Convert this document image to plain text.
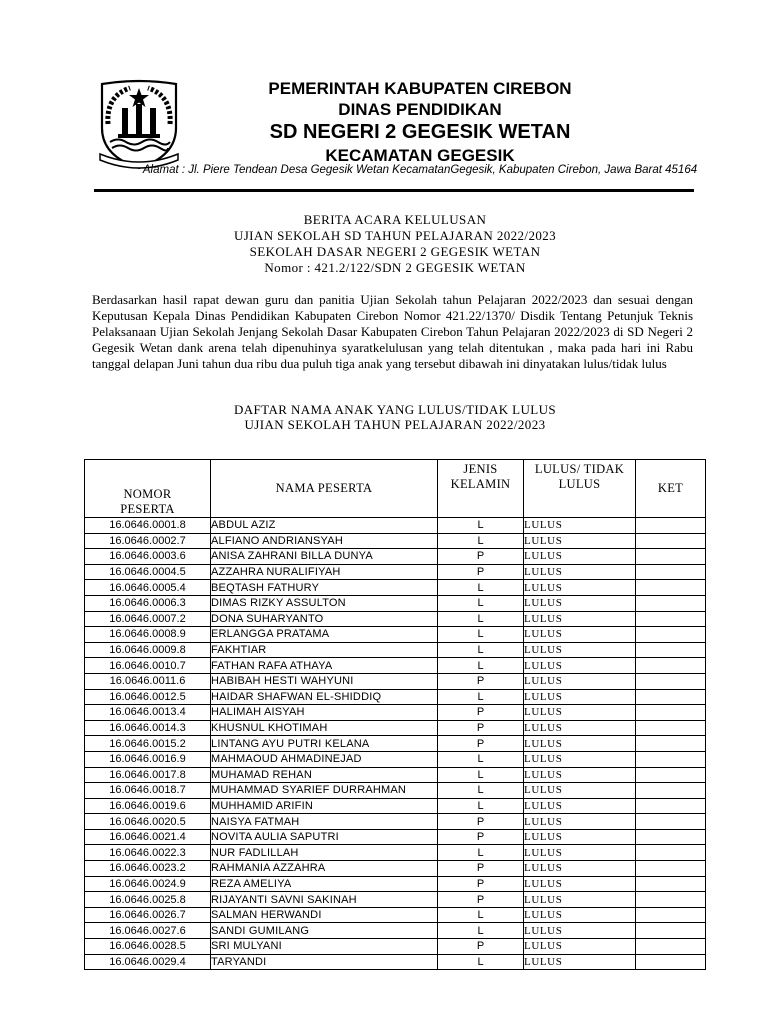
PEMERINTAH KABUPATEN CIREBON
DINAS PENDIDIKAN
SD NEGERI 2 GEGESIK WETAN
KECAMATAN GEGESIK
Alamat : Jl. Piere Tendean Desa Gegesik Wetan KecamatanGegesik, Kabupaten Cirebon, Jawa Barat 45164
BERITA ACARA KELULUSAN
UJIAN SEKOLAH SD TAHUN PELAJARAN 2022/2023
SEKOLAH DASAR NEGERI 2 GEGESIK WETAN
Nomor : 421.2/122/SDN 2 GEGESIK WETAN
Berdasarkan hasil rapat dewan guru dan panitia Ujian Sekolah tahun Pelajaran 2022/2023 dan sesuai dengan Keputusan Kepala Dinas Pendidikan Kabupaten Cirebon Nomor 421.22/1370/ Disdik Tentang Petunjuk Teknis Pelaksanaan Ujian Sekolah Jenjang Sekolah Dasar Kabupaten Cirebon Tahun Pelajaran 2022/2023 di SD Negeri 2 Gegesik Wetan dank arena telah dipenuhinya syaratkelulusan yang telah ditentukan , maka pada hari ini Rabu tanggal delapan Juni tahun dua ribu dua puluh tiga anak yang tersebut dibawah ini dinyatakan lulus/tidak lulus
DAFTAR NAMA ANAK YANG LULUS/TIDAK LULUS
UJIAN SEKOLAH TAHUN PELAJARAN 2022/2023
NOMOR PESERTA	NAMA PESERTA	JENIS KELAMIN	LULUS/ TIDAK LULUS	KET
16.0646.0001.8	ABDUL AZIZ	L	LULUS	
16.0646.0002.7	ALFIANO ANDRIANSYAH	L	LULUS	
16.0646.0003.6	ANISA ZAHRANI BILLA DUNYA	P	LULUS	
16.0646.0004.5	AZZAHRA NURALIFIYAH	P	LULUS	
16.0646.0005.4	BEQTASH FATHURY	L	LULUS	
16.0646.0006.3	DIMAS RIZKY ASSULTON	L	LULUS	
16.0646.0007.2	DONA SUHARYANTO	L	LULUS	
16.0646.0008.9	ERLANGGA PRATAMA	L	LULUS	
16.0646.0009.8	FAKHTIAR	L	LULUS	
16.0646.0010.7	FATHAN RAFA ATHAYA	L	LULUS	
16.0646.0011.6	HABIBAH HESTI WAHYUNI	P	LULUS	
16.0646.0012.5	HAIDAR SHAFWAN EL-SHIDDIQ	L	LULUS	
16.0646.0013.4	HALIMAH AISYAH	P	LULUS	
16.0646.0014.3	KHUSNUL KHOTIMAH	P	LULUS	
16.0646.0015.2	LINTANG AYU PUTRI KELANA	P	LULUS	
16.0646.0016.9	MAHMAOUD AHMADINEJAD	L	LULUS	
16.0646.0017.8	MUHAMAD REHAN	L	LULUS	
16.0646.0018.7	MUHAMMAD SYARIEF DURRAHMAN	L	LULUS	
16.0646.0019.6	MUHHAMID ARIFIN	L	LULUS	
16.0646.0020.5	NAISYA FATMAH	P	LULUS	
16.0646.0021.4	NOVITA AULIA SAPUTRI	P	LULUS	
16.0646.0022.3	NUR FADLILLAH	L	LULUS	
16.0646.0023.2	RAHMANIA AZZAHRA	P	LULUS	
16.0646.0024.9	REZA AMELIYA	P	LULUS	
16.0646.0025.8	RIJAYANTI SAVNI SAKINAH	P	LULUS	
16.0646.0026.7	SALMAN HERWANDI	L	LULUS	
16.0646.0027.6	SANDI GUMILANG	L	LULUS	
16.0646.0028.5	SRI MULYANI	P	LULUS	
16.0646.0029.4	TARYANDI	L	LULUS	
